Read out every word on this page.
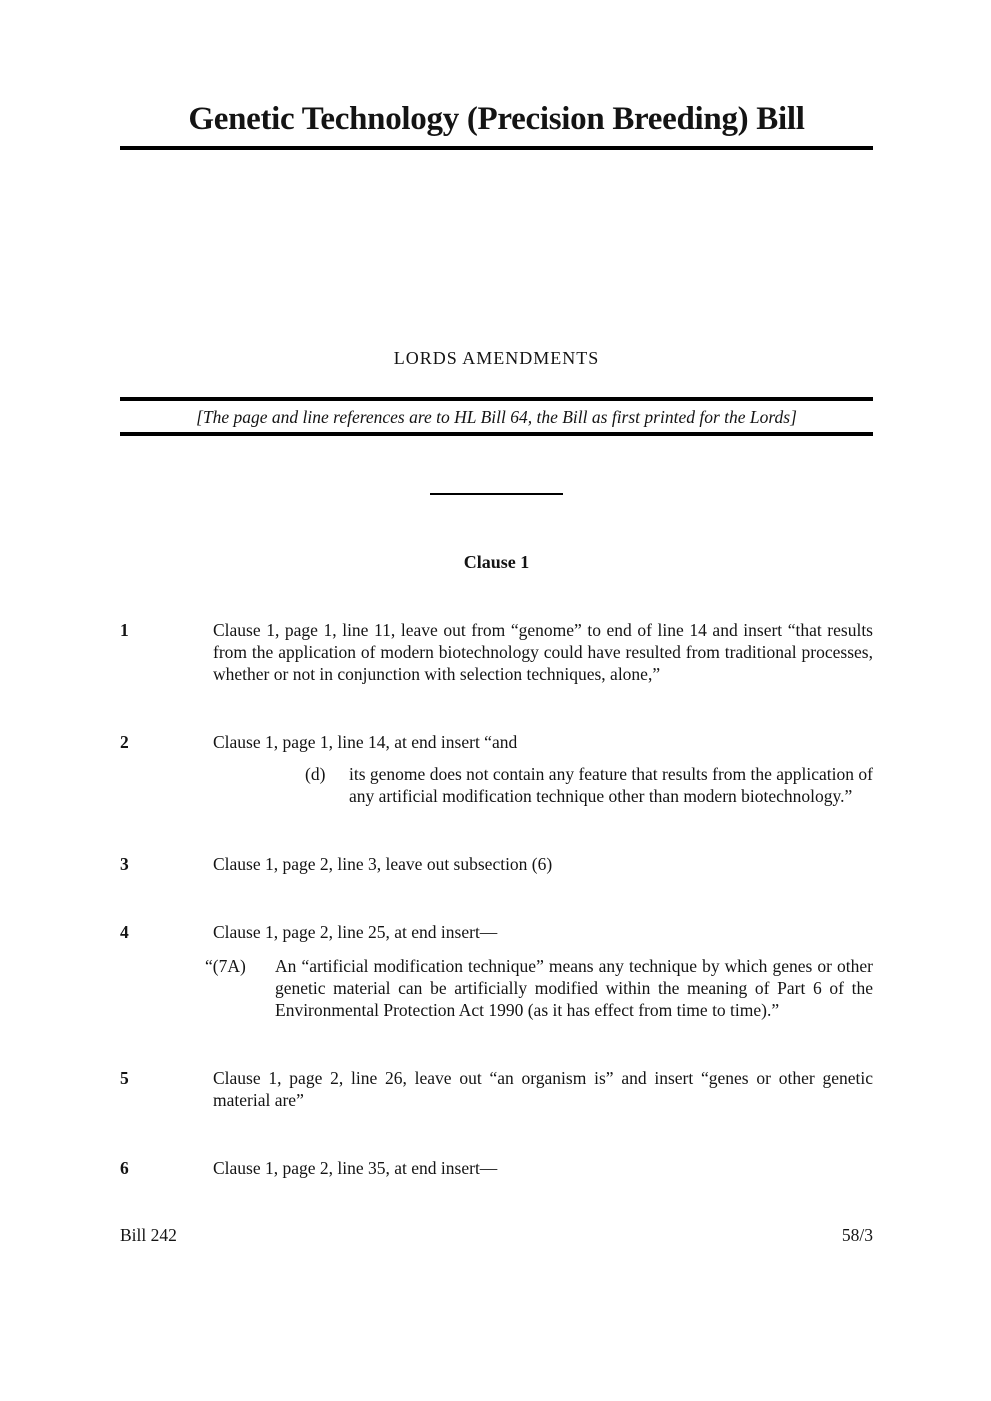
Genetic Technology (Precision Breeding) Bill
LORDS AMENDMENTS
[The page and line references are to HL Bill 64, the Bill as first printed for the Lords]
Clause 1
1	Clause 1, page 1, line 11, leave out from “genome” to end of line 14 and insert “that results from the application of modern biotechnology could have resulted from traditional processes, whether or not in conjunction with selection techniques, alone,”

2	Clause 1, page 1, line 14, at end insert “and

(d)	its genome does not contain any feature that results from the application of any artificial modification technique other than modern biotechnology.”
3	Clause 1, page 2, line 3, leave out subsection (6)

4	Clause 1, page 2, line 25, at end insert—

“(7A)	An “artificial modification technique” means any technique by which genes or other genetic material can be artificially modified within the meaning of Part 6 of the Environmental Protection Act 1990 (as it has effect from time to time).”
5	Clause 1, page 2, line 26, leave out “an organism is” and insert “genes or other genetic material are”

6	Clause 1, page 2, line 35, at end insert—

Bill 242	58/3
